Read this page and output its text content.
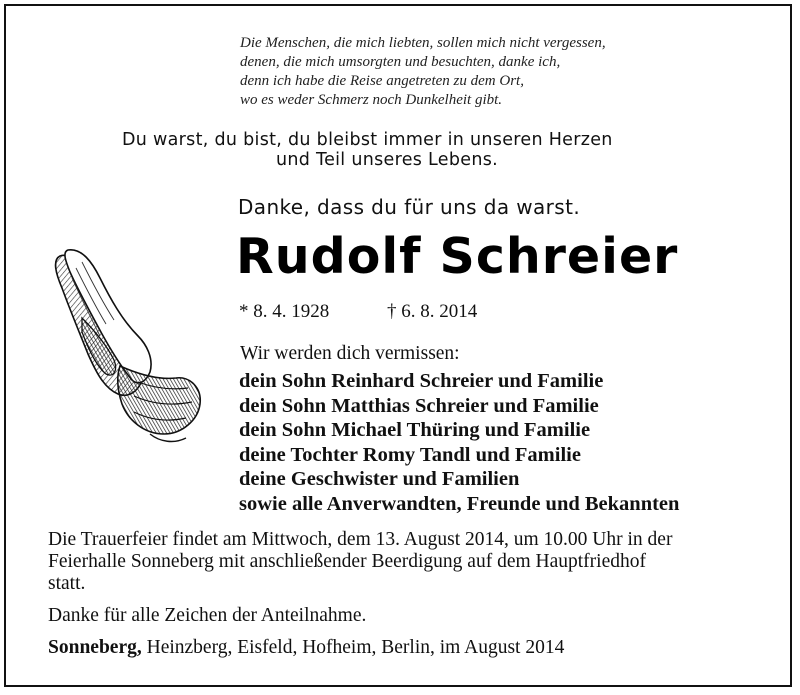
Die Menschen, die mich liebten, sollen mich nicht vergessen,
denen, die mich umsorgten und besuchten, danke ich,
denn ich habe die Reise angetreten zu dem Ort,
wo es weder Schmerz noch Dunkelheit gibt.
Du warst, du bist, du bleibst immer in unseren Herzen
und Teil unseres Lebens.
Danke, dass du für uns da warst.
Rudolf Schreier
* 8. 4. 1928	† 6. 8. 2014
Wir werden dich vermissen:
dein Sohn Reinhard Schreier und Familie
dein Sohn Matthias Schreier und Familie
dein Sohn Michael Thüring und Familie
deine Tochter Romy Tandl und Familie
deine Geschwister und Familien
sowie alle Anverwandten, Freunde und Bekannten
Die Trauerfeier findet am Mittwoch, dem 13. August 2014, um 10.00 Uhr in der
Feierhalle Sonneberg mit anschließender Beerdigung auf dem Hauptfriedhof
statt.
Danke für alle Zeichen der Anteilnahme.
Sonneberg, Heinzberg, Eisfeld, Hofheim, Berlin, im August 2014
